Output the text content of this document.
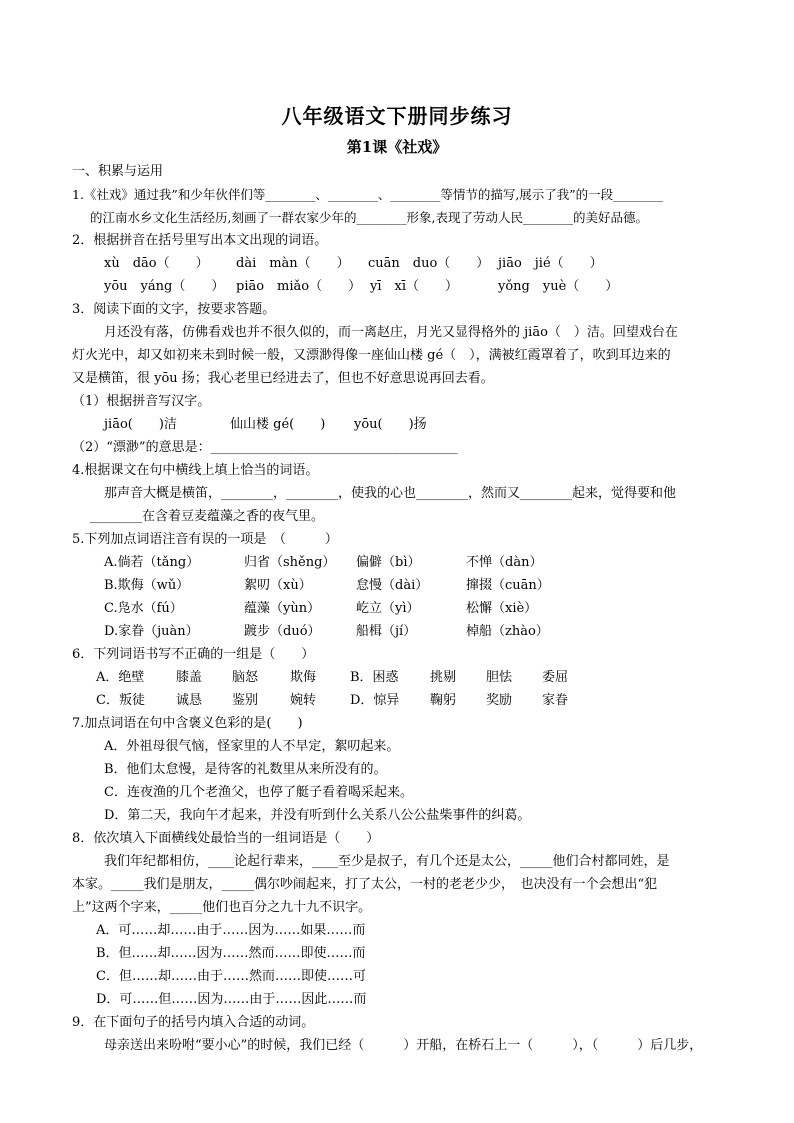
八年级语文下册同步练习
第1课《社戏》
一、积累与运用
1.《社戏》通过我”和少年伙伴们等________、________、________等情节的描写,展示了我”的一段________
的江南水乡文化生活经历,刻画了一群农家少年的________形象,表现了劳动人民________的美好品德。
2．根据拼音在括号里写出本文出现的词语。
xù　dāo（　　） dài　màn（　　） cuān　duo（　　） jiāo　jié（　　）
yōu　yáng（　　） piāo　miǎo（　　） yī　xī（　　）	yǒng　yuè（　　）
3．阅读下面的文字，按要求答题。
月还没有落，仿佛看戏也并不很久似的，而一离赵庄，月光又显得格外的 jiāo（　）洁。回望戏台在
灯火光中，却又如初来未到时候一般，又漂渺得像一座仙山楼 gé（　），满被红霞罩着了，吹到耳边来的
又是横笛，很 yōu 扬；我心老里已经进去了，但也不好意思说再回去看。
（1）根据拼音写汉字。
jiāo(　　)洁	仙山楼 gé(　　) yōu(　　)扬
（2）“漂渺”的意思是：______________________________________
4.根据课文在句中横线上填上恰当的词语。
那声音大概是横笛，________，________，使我的心也________，然而又________起来，觉得要和他
________在含着豆麦蕴藻之香的夜气里。
5.下列加点词语注音有误的一项是　（　　　）
A.倘若（tǎng）	归省（shěng） 偏僻（bì）	不惮（dàn）
B.欺侮（wǔ）	絮叨（xù）	怠慢（dài）	撺掇（cuān）
C.凫水（fú）	蕴藻（yùn）	屹立（yì）	松懈（xiè）
D.家眷（juàn）	踱步（duó）	船楫（jí）	棹船（zhào）
6．下列词语书写不正确的一组是（　　）
A．绝壁 膝盖 脑怒 欺侮	B．困惑 挑剔 胆怯 委屈
C．叛徒 诚恳 鉴别 婉转	D．惊异 鞠躬 奖励 家眷
7.加点词语在句中含褒义色彩的是(　　)
A．外祖母很气恼，怪家里的人不早定，絮叨起来。
B．他们太怠慢，是待客的礼数里从来所没有的。
C．连夜渔的几个老渔父，也停了艇子看着喝采起来。
D．第二天，我向午才起来，并没有听到什么关系八公公盐柴事件的纠葛。
8．依次填入下面横线处最恰当的一组词语是（　　）
我们年纪都相仿，____论起行辈来，____至少是叔子，有几个还是太公，_____他们合村都同姓，是
本家。_____我们是朋友，_____偶尔吵闹起来，打了太公，一村的老老少少，　也决没有一个会想出“犯
上”这两个字来，_____他们也百分之九十九不识字。
A．可……却……由于……因为……如果……而
B．但……却……因为……然而……即使……而
C．但……却……由于……然而……即使……可
D．可……但……因为……由于……因此……而
9．在下面句子的括号内填入合适的动词。
母亲送出来吩咐“要小心”的时候，我们已经（　　　）开船，在桥石上一（　　　），（　　　）后几步，
